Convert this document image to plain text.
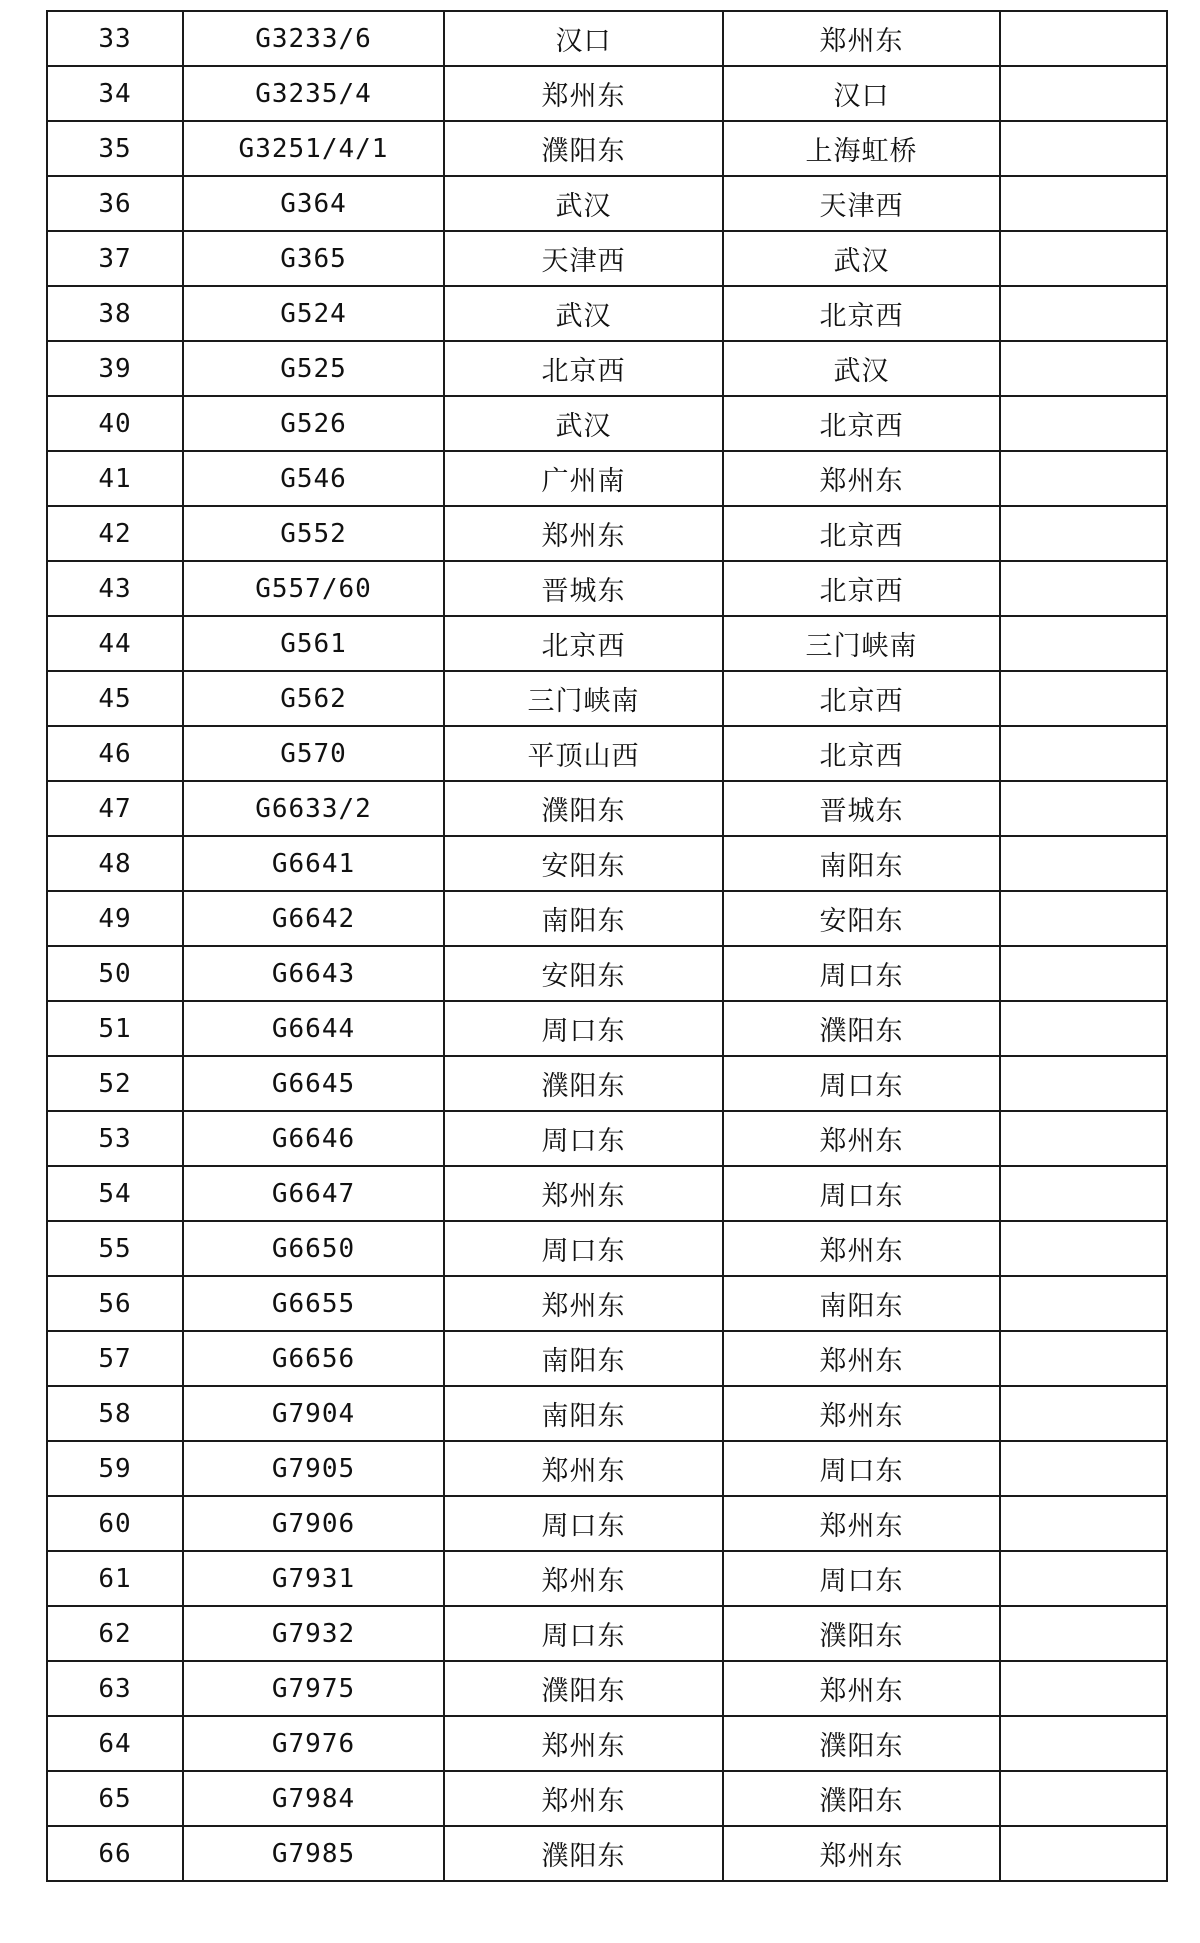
33	G3233/6	汉口	郑州东	
34	G3235/4	郑州东	汉口	
35	G3251/4/1	濮阳东	上海虹桥	
36	G364	武汉	天津西	
37	G365	天津西	武汉	
38	G524	武汉	北京西	
39	G525	北京西	武汉	
40	G526	武汉	北京西	
41	G546	广州南	郑州东	
42	G552	郑州东	北京西	
43	G557/60	晋城东	北京西	
44	G561	北京西	三门峡南	
45	G562	三门峡南	北京西	
46	G570	平顶山西	北京西	
47	G6633/2	濮阳东	晋城东	
48	G6641	安阳东	南阳东	
49	G6642	南阳东	安阳东	
50	G6643	安阳东	周口东	
51	G6644	周口东	濮阳东	
52	G6645	濮阳东	周口东	
53	G6646	周口东	郑州东	
54	G6647	郑州东	周口东	
55	G6650	周口东	郑州东	
56	G6655	郑州东	南阳东	
57	G6656	南阳东	郑州东	
58	G7904	南阳东	郑州东	
59	G7905	郑州东	周口东	
60	G7906	周口东	郑州东	
61	G7931	郑州东	周口东	
62	G7932	周口东	濮阳东	
63	G7975	濮阳东	郑州东	
64	G7976	郑州东	濮阳东	
65	G7984	郑州东	濮阳东	
66	G7985	濮阳东	郑州东	
